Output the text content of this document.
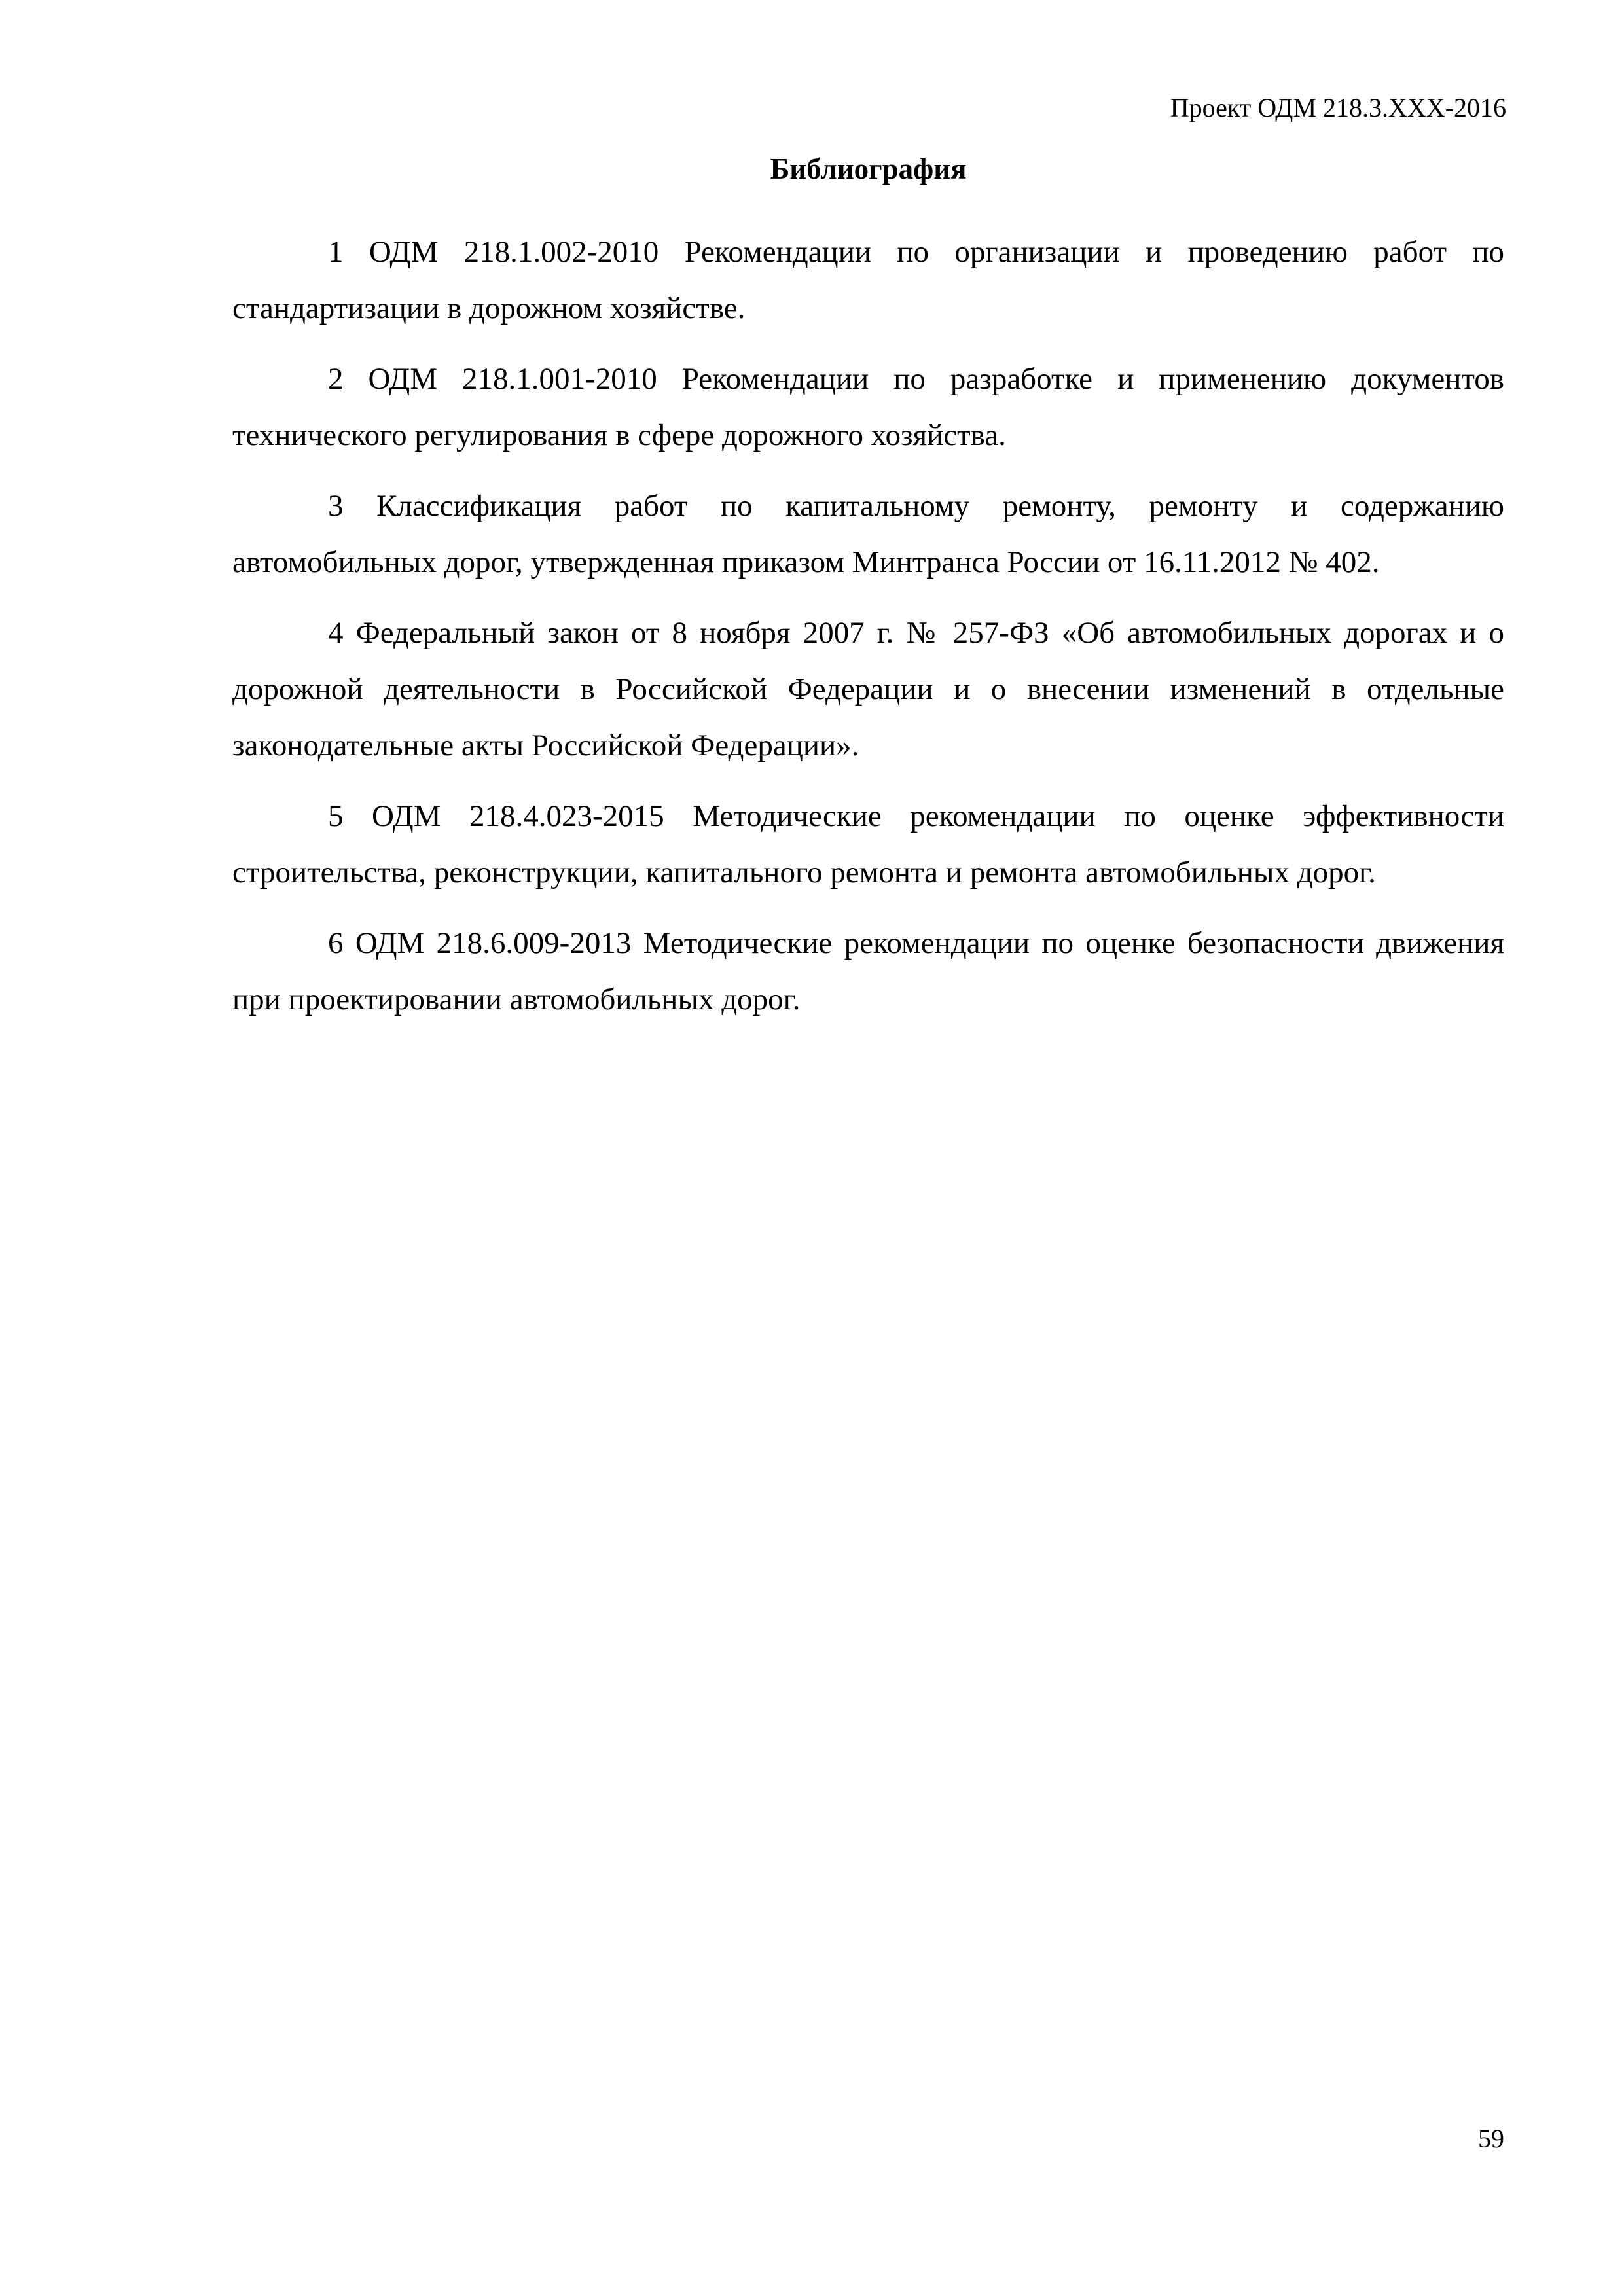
Проект ОДМ 218.3.XXX-2016
Библиография
1 ОДМ 218.1.002-2010 Рекомендации по организации и проведению работ по стандартизации в дорожном хозяйстве.
2 ОДМ 218.1.001-2010 Рекомендации по разработке и применению документов технического регулирования в сфере дорожного хозяйства.
3 Классификация работ по капитальному ремонту, ремонту и содержанию автомобильных дорог, утвержденная приказом Минтранса России от 16.11.2012 № 402.
4 Федеральный закон от 8 ноября 2007 г. № 257-ФЗ «Об автомобильных дорогах и о дорожной деятельности в Российской Федерации и о внесении изменений в отдельные законодательные акты Российской Федерации».
5 ОДМ 218.4.023-2015 Методические рекомендации по оценке эффективности строительства, реконструкции, капитального ремонта и ремонта автомобильных дорог.
6 ОДМ 218.6.009-2013 Методические рекомендации по оценке безопасности движения при проектировании автомобильных дорог.
59
